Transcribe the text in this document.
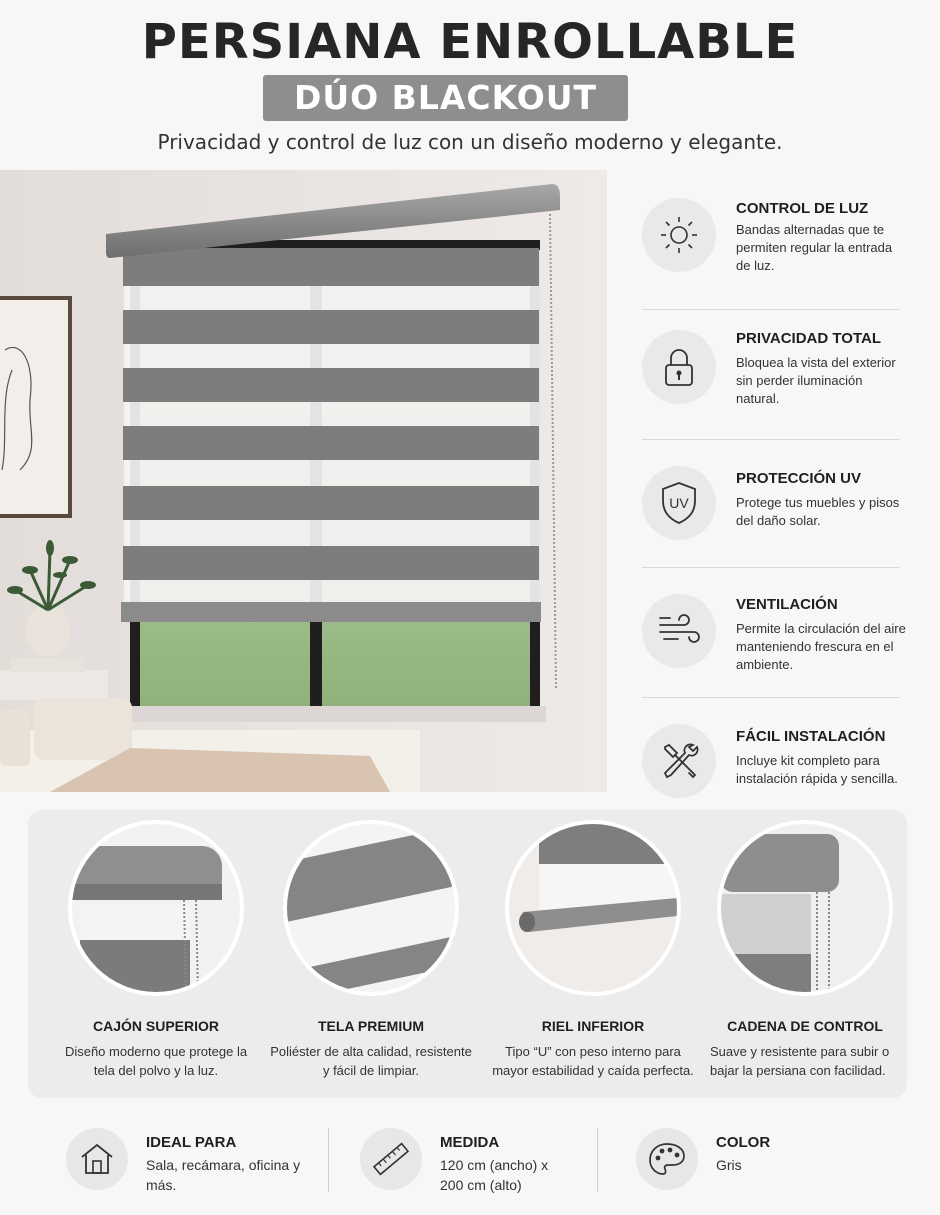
PERSIANA ENROLLABLE
DÚO BLACKOUT
Privacidad y control de luz con un diseño moderno y elegante.
CONTROL DE LUZ
Bandas alternadas que te permiten regular la entrada de luz.
PRIVACIDAD TOTAL
Bloquea la vista del exterior sin perder iluminación natural.
UV
PROTECCIÓN UV
Protege tus muebles y pisos del daño solar.
VENTILACIÓN
Permite la circulación del aire manteniendo frescura en el ambiente.
FÁCIL INSTALACIÓN
Incluye kit completo para instalación rápida y sencilla.
CAJÓN SUPERIOR
Diseño moderno que protege la tela del polvo y la luz.
TELA PREMIUM
Poliéster de alta calidad, resistente y fácil de limpiar.
RIEL INFERIOR
Tipo “U” con peso interno para mayor estabilidad y caída perfecta.
CADENA DE CONTROL
Suave y resistente para subir o bajar la persiana con facilidad.
IDEAL PARA
Sala, recámara, oficina y más.
MEDIDA
120 cm (ancho) x 200 cm (alto)
COLOR
Gris
